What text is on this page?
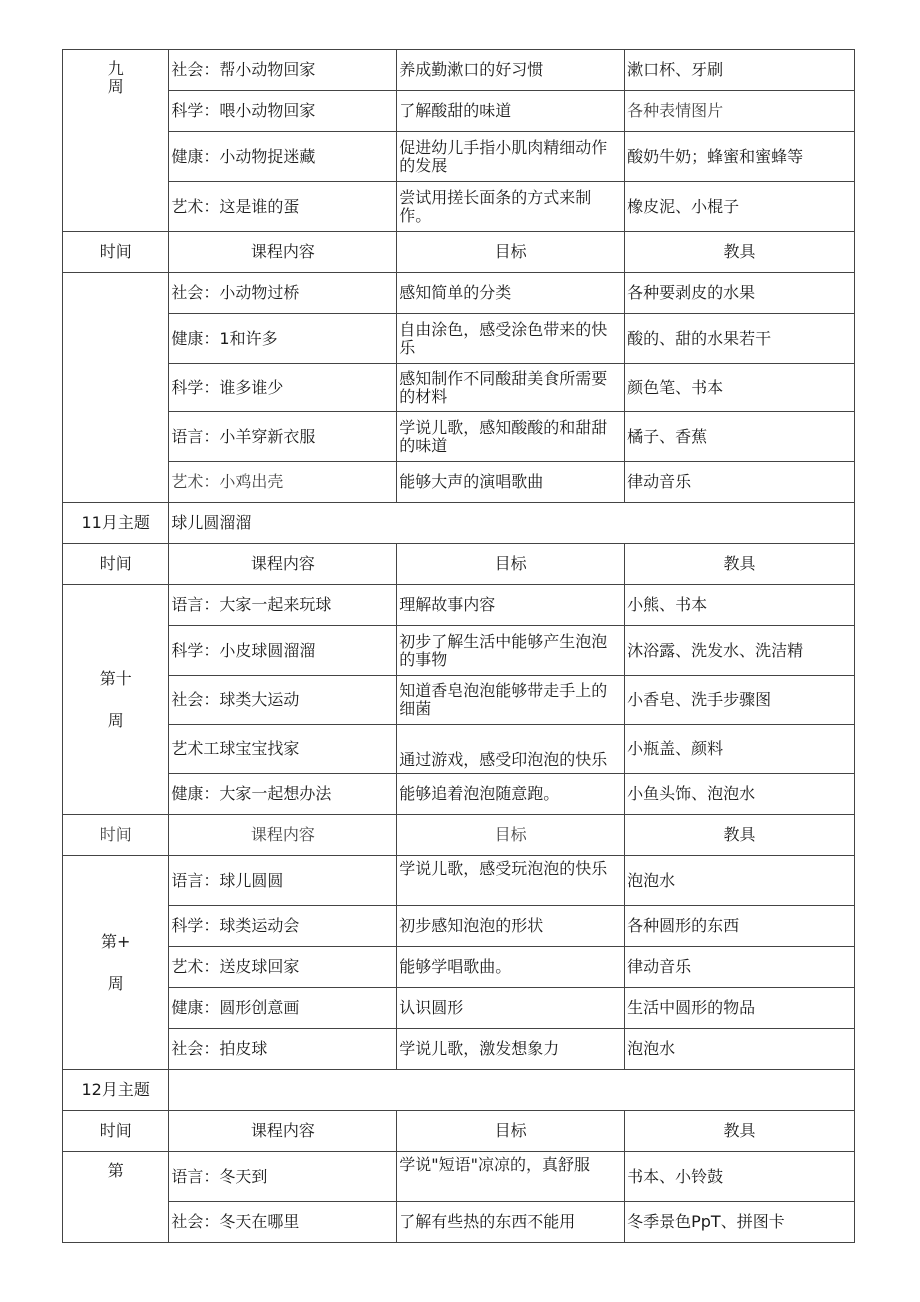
九
周	社会：帮小动物回家	养成勤漱口的好习惯	漱口杯、牙刷
	科学：喂小动物回家	了解酸甜的味道	各种表情图片
	健康：小动物捉迷藏	促进幼儿手指小肌肉精细动作的发展	酸奶牛奶；蜂蜜和蜜蜂等
	艺术：这是谁的蛋	尝试用搓长面条的方式来制作。	橡皮泥、小棍子
时间	课程内容	目标	教具
	社会：小动物过桥	感知简单的分类	各种要剥皮的水果
	健康：1和许多	自由涂色，感受涂色带来的快乐	酸的、甜的水果若干
	科学：谁多谁少	感知制作不同酸甜美食所需要的材料	颜色笔、书本
	语言：小羊穿新衣服	学说儿歌，感知酸酸的和甜甜的味道	橘子、香蕉
	艺术：小鸡出壳	能够大声的演唱歌曲	律动音乐
11月主题	球儿圆溜溜		
时间	课程内容	目标	教具

第十
周	语言：大家一起来玩球	理解故事内容	小熊、书本
	科学：小皮球圆溜溜	初步了解生活中能够产生泡泡的事物	沐浴露、洗发水、洗洁精
	社会：球类大运动	知道香皂泡泡能够带走手上的细菌	小香皂、洗手步骤图
	艺术工球宝宝找家	通过游戏，感受印泡泡的快乐	小瓶盖、颜料
	健康：大家一起想办法	能够追着泡泡随意跑。	小鱼头饰、泡泡水
时间	课程内容	目标	教具

第+
周	语言：球儿圆圆	学说儿歌，感受玩泡泡的快乐	泡泡水
	科学：球类运动会	初步感知泡泡的形状	各种圆形的东西
	艺术：送皮球回家	能够学唱歌曲。	律动音乐
	健康：圆形创意画	认识圆形	生活中圆形的物品
	社会：拍皮球	学说儿歌，激发想象力	泡泡水
12月主题			
时间	课程内容	目标	教具

第	语言：冬天到	学说"短语"凉凉的，真舒服	书本、小铃鼓
	社会：冬天在哪里	了解有些热的东西不能用	冬季景色PpT、拼图卡
